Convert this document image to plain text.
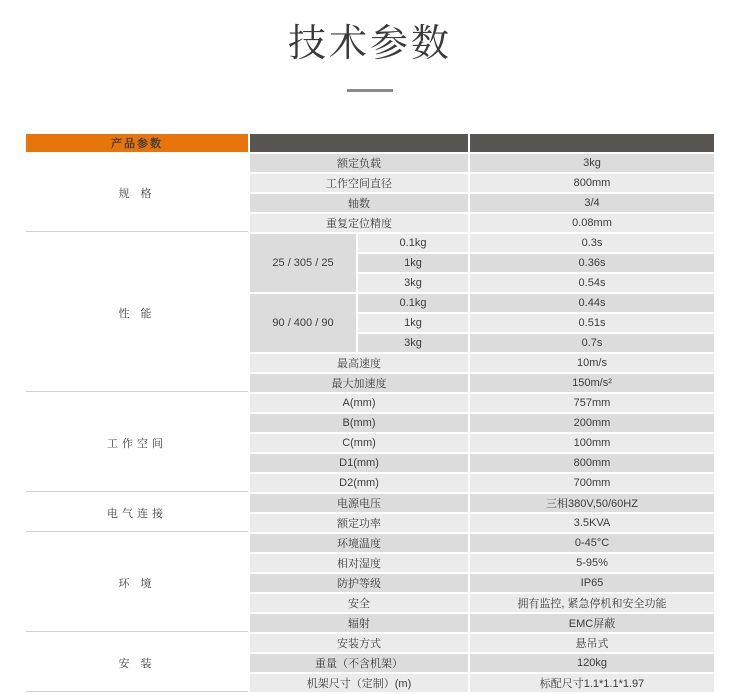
技术参数
产品参数			
规 格	额定负载		3kg
	工作空间直径		800mm
	轴数		3/4
	重复定位精度		0.08mm
性 能	25 / 305 / 25	0.1kg	0.3s
		1kg	0.36s
		3kg	0.54s
	90 / 400 / 90	0.1kg	0.44s
		1kg	0.51s
		3kg	0.7s
	最高速度		10m/s
	最大加速度		150m/s²
工作空间	A(mm)		757mm
	B(mm)		200mm
	C(mm)		100mm
	D1(mm)		800mm
	D2(mm)		700mm
电气连接	电源电压		三相380V,50/60HZ
	额定功率		3.5KVA
环 境	环境温度		0-45°C
	相对湿度		5-95%
	防护等级		IP65
	安全		拥有监控, 紧急停机和安全功能
	辐射		EMC屏蔽
安 装	安装方式		悬吊式
	重量（不含机架）		120kg
	机架尺寸（定制）(m)		标配尺寸1.1*1.1*1.97
